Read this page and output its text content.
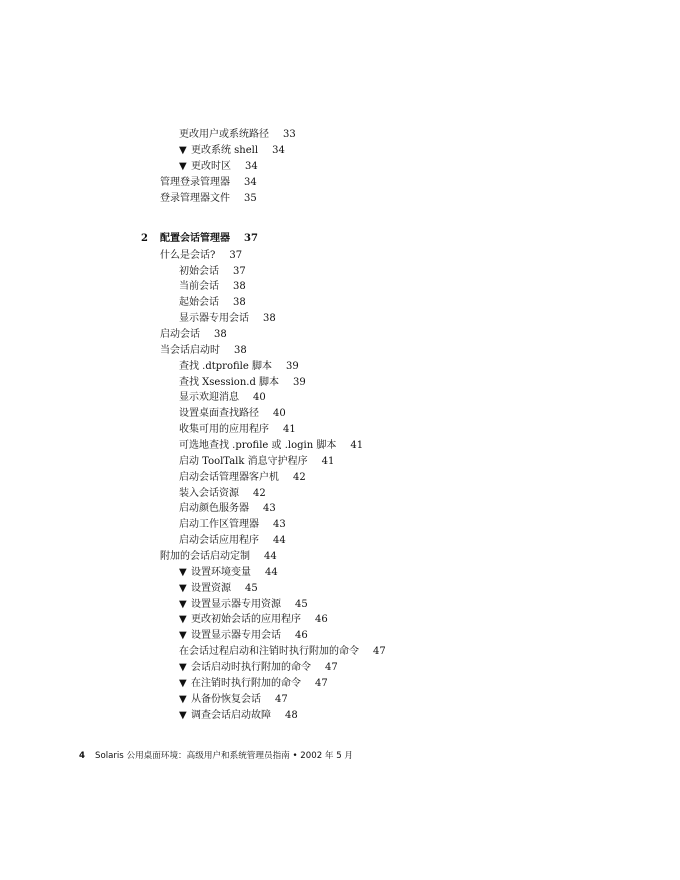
更改用户或系统路径 33
▼ 更改系统 shell 34
▼ 更改时区 34
管理登录管理器 34
登录管理器文件 35
2 配置会话管理器 37
什么是会话? 37
初始会话 37
当前会话 38
起始会话 38
显示器专用会话 38
启动会话 38
当会话启动时 38
查找 .dtprofile 脚本 39
查找 Xsession.d 脚本 39
显示欢迎消息 40
设置桌面查找路径 40
收集可用的应用程序 41
可选地查找 .profile 或 .login 脚本 41
启动 ToolTalk 消息守护程序 41
启动会话管理器客户机 42
装入会话资源 42
启动颜色服务器 43
启动工作区管理器 43
启动会话应用程序 44
附加的会话启动定制 44
▼ 设置环境变量 44
▼ 设置资源 45
▼ 设置显示器专用资源 45
▼ 更改初始会话的应用程序 46
▼ 设置显示器专用会话 46
在会话过程启动和注销时执行附加的命令 47
▼ 会话启动时执行附加的命令 47
▼ 在注销时执行附加的命令 47
▼ 从备份恢复会话 47
▼ 调查会话启动故障 48
4 Solaris 公用桌面环境：高级用户和系统管理员指南 • 2002 年 5 月
